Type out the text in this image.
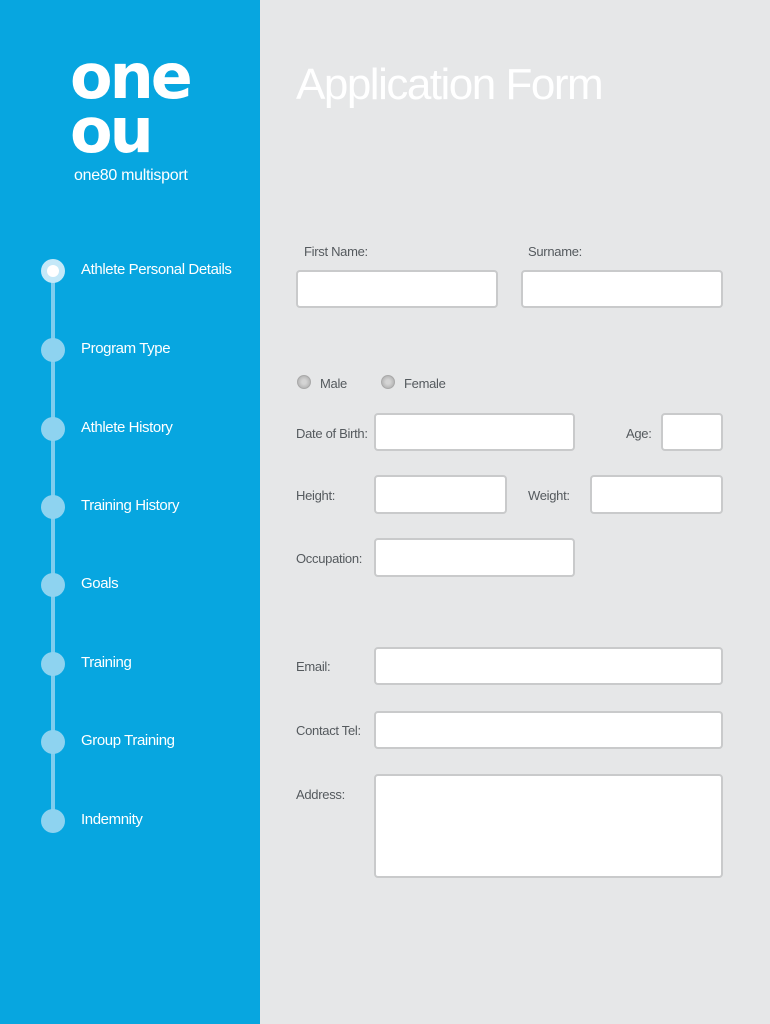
one
ou
one80 multisport
Athlete Personal Details
Program Type
Athlete History
Training History
Goals
Training
Group Training
Indemnity
Application Form
First Name:	Surname:
Male	Female
Date of Birth:	Age:
Height:	Weight:
Occupation:
Email:
Contact Tel:
Address:
